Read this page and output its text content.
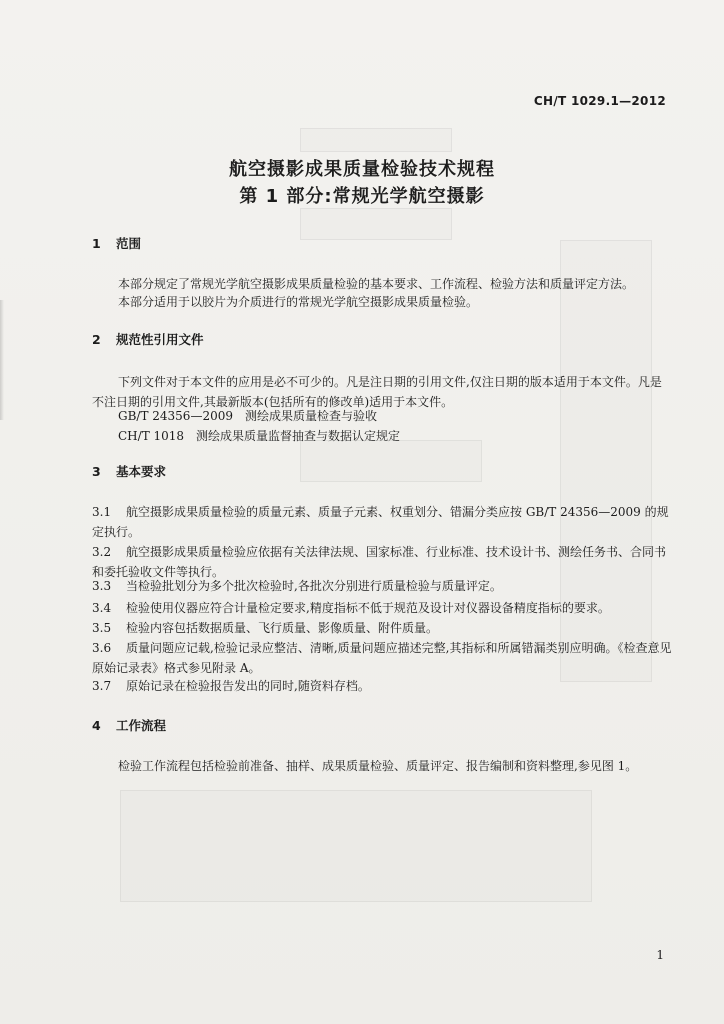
CH/T 1029.1—2012
航空摄影成果质量检验技术规程
第 1 部分:常规光学航空摄影
1 范围
本部分规定了常规光学航空摄影成果质量检验的基本要求、工作流程、检验方法和质量评定方法。
本部分适用于以胶片为介质进行的常规光学航空摄影成果质量检验。
2 规范性引用文件
下列文件对于本文件的应用是必不可少的。凡是注日期的引用文件,仅注日期的版本适用于本文件。凡是不注日期的引用文件,其最新版本(包括所有的修改单)适用于本文件。
GB/T 24356—2009　测绘成果质量检查与验收
CH/T 1018　测绘成果质量监督抽查与数据认定规定
3 基本要求
3.1 航空摄影成果质量检验的质量元素、质量子元素、权重划分、错漏分类应按 GB/T 24356—2009 的规定执行。
3.2 航空摄影成果质量检验应依据有关法律法规、国家标准、行业标准、技术设计书、测绘任务书、合同书和委托验收文件等执行。
3.3 当检验批划分为多个批次检验时,各批次分别进行质量检验与质量评定。
3.4 检验使用仪器应符合计量检定要求,精度指标不低于规范及设计对仪器设备精度指标的要求。
3.5 检验内容包括数据质量、飞行质量、影像质量、附件质量。
3.6 质量问题应记载,检验记录应整洁、清晰,质量问题应描述完整,其指标和所属错漏类别应明确。《检查意见原始记录表》格式参见附录 A。
3.7 原始记录在检验报告发出的同时,随资料存档。
4 工作流程
检验工作流程包括检验前准备、抽样、成果质量检验、质量评定、报告编制和资料整理,参见图 1。
1
